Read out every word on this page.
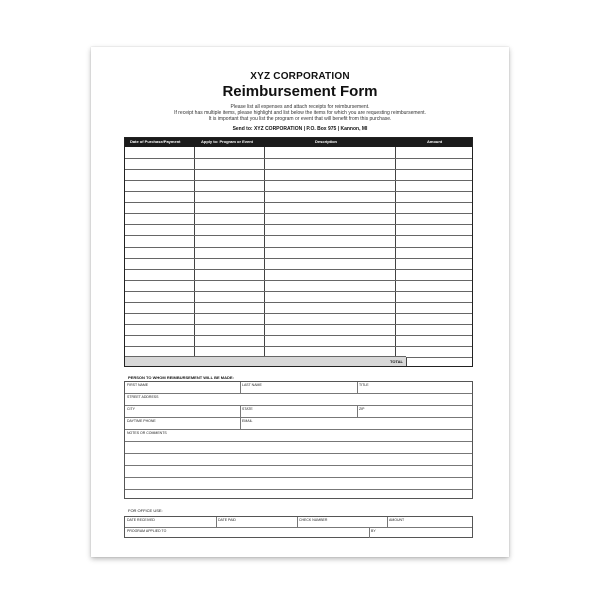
XYZ CORPORATION
Reimbursement Form
Please list all expenses and attach receipts for reimbursement.
If receipt has multiple items, please highlight and list below the items for which you are requesting reimbursement.
It is important that you list the program or event that will benefit from this purchase.
Send to: XYZ CORPORATION | P.O. Box 975 | Kannon, MI
Date of Purchase/Payment	Apply to: Program or Event	Description	Amount
TOTAL
PERSON TO WHOM REIMBURSEMENT WILL BE MADE:
FIRST NAME	LAST NAME	TITLE
STREET ADDRESS
CITY	STATE	ZIP
DAYTIME PHONE	EMAIL
NOTES OR COMMENTS
FOR OFFICE USE:
DATE RECEIVED	DATE PAID	CHECK NUMBER	AMOUNT
PROGRAM APPLIED TO	BY
